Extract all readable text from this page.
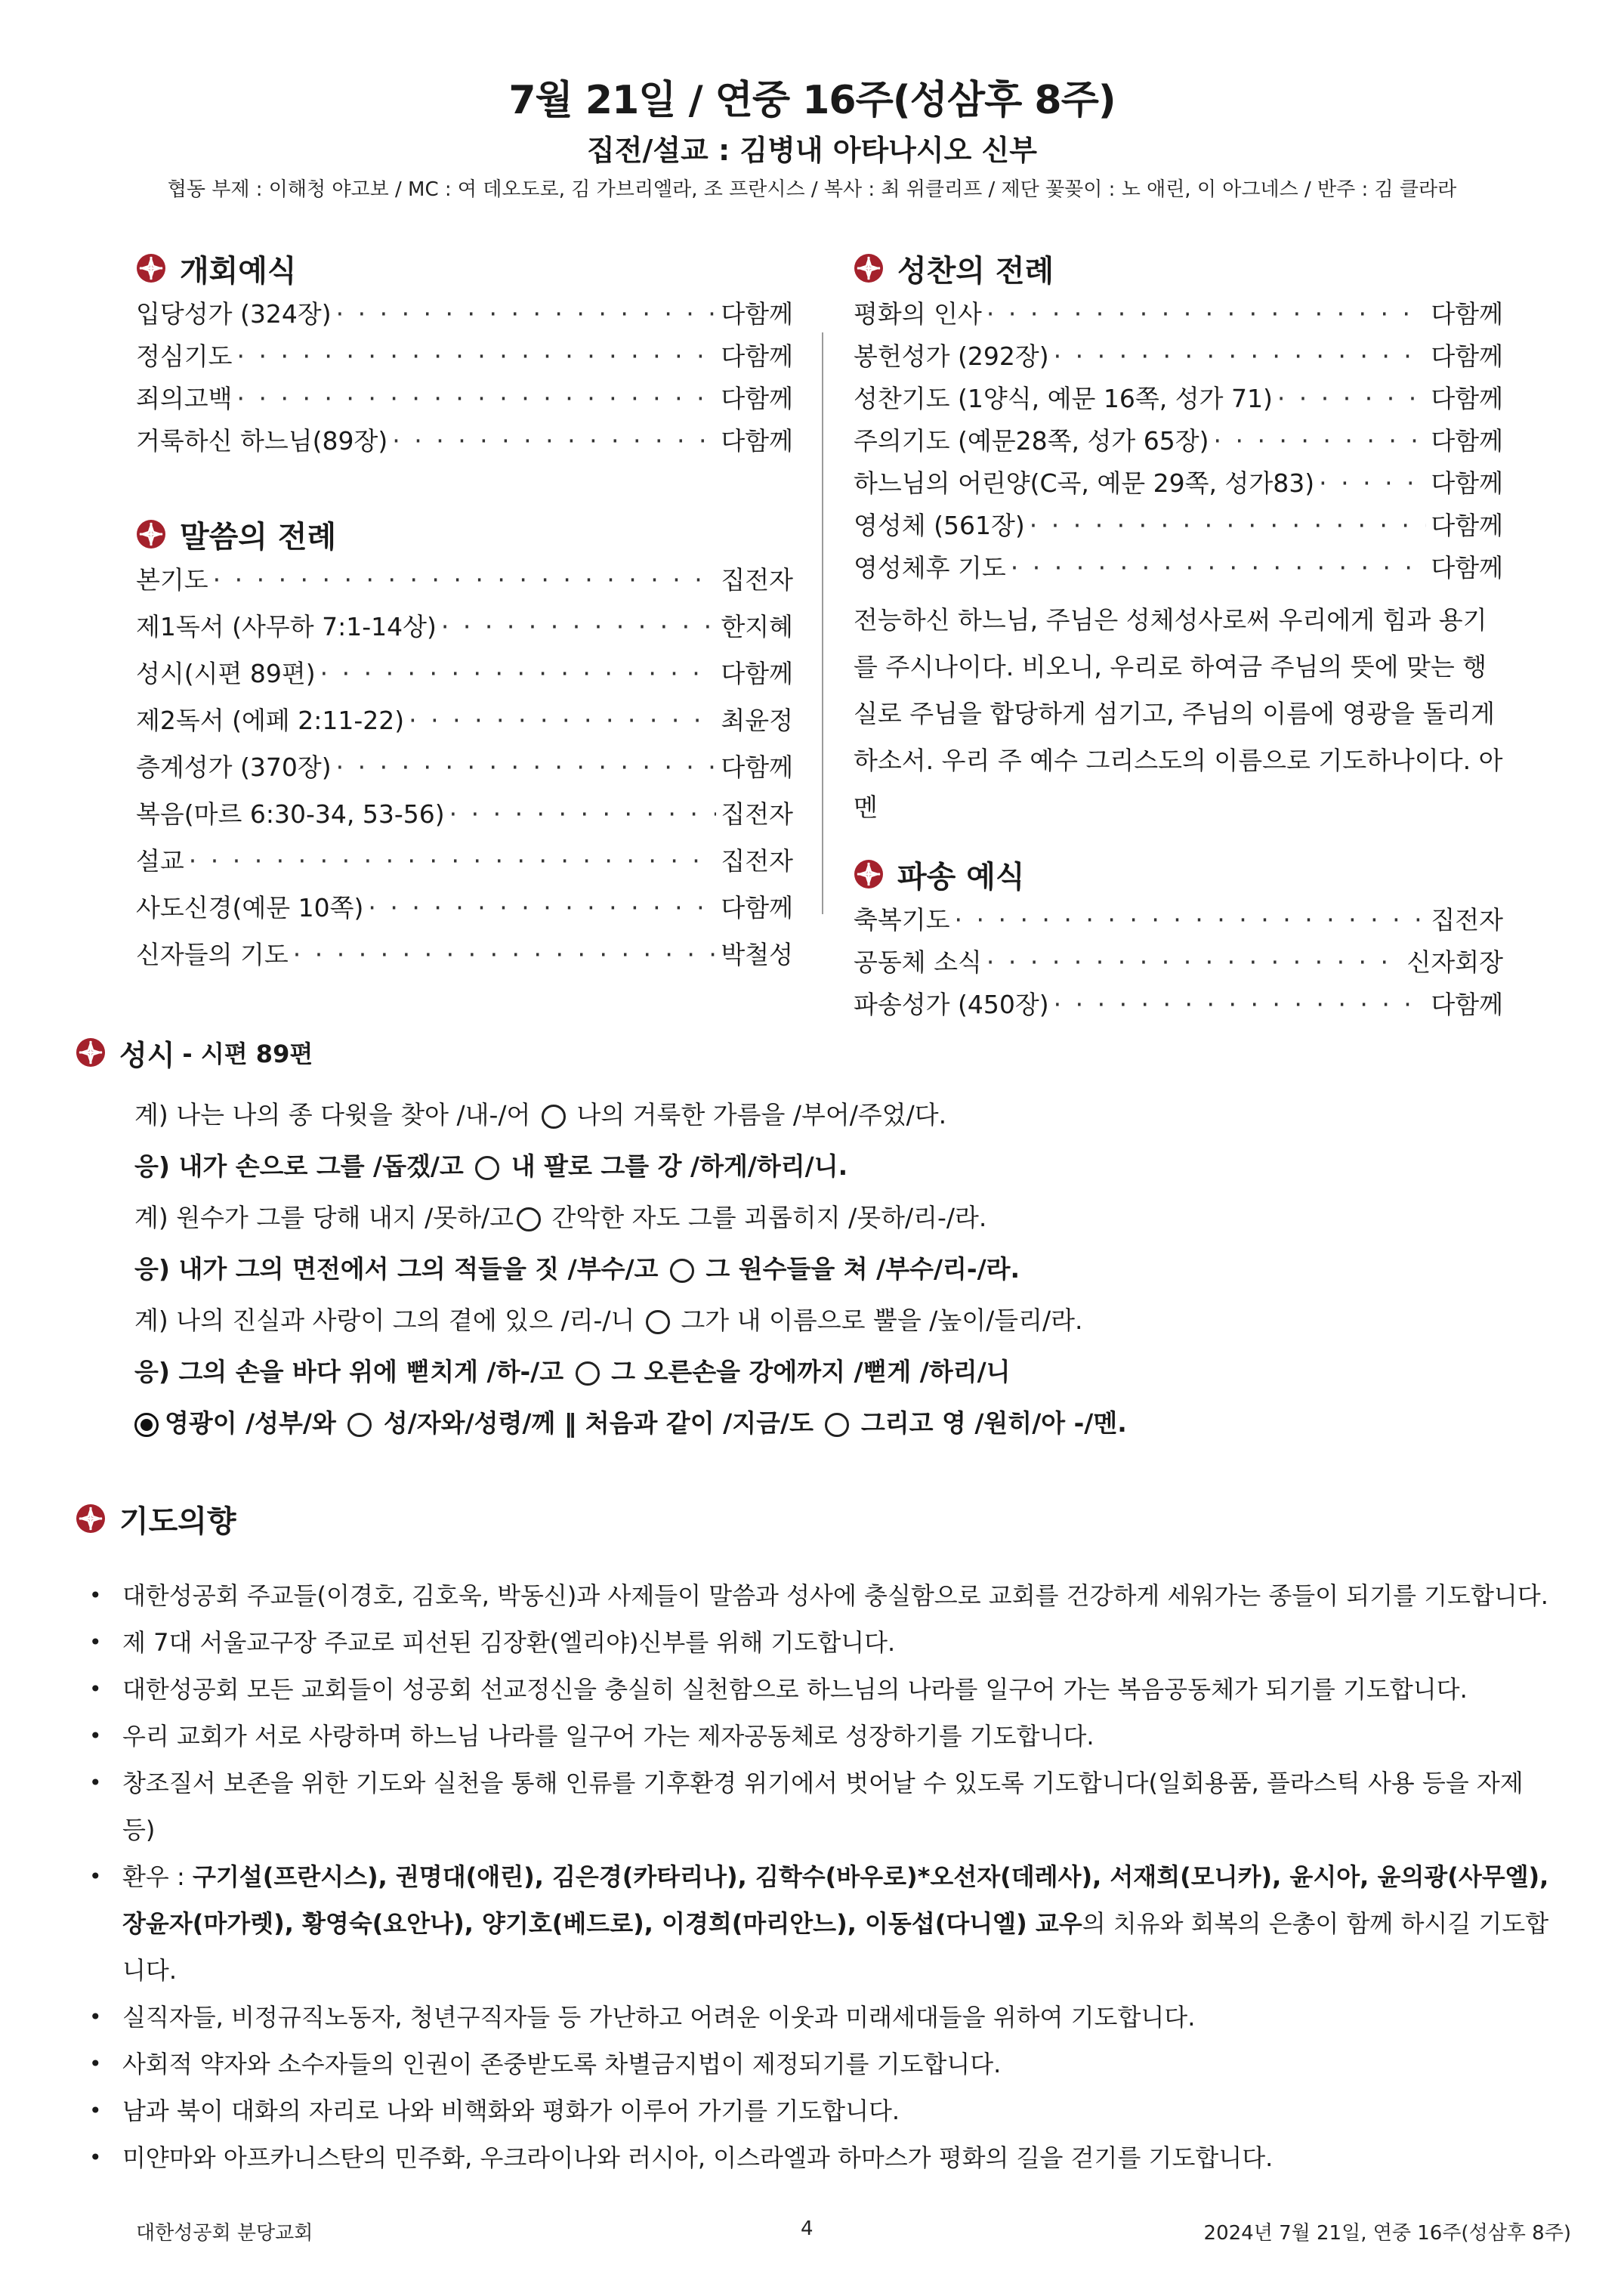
7월 21일 / 연중 16주(성삼후 8주)
집전/설교 : 김병내 아타나시오 신부
협동 부제 : 이해청 야고보 / MC : 여 데오도로, 김 가브리엘라, 조 프란시스 / 복사 : 최 위클리프 / 제단 꽃꽂이 : 노 애린, 이 아그네스 / 반주 : 김 클라라
개회예식
입당성가 (324장) · · ·	다함께
정심기도 · · ·	다함께
죄의고백 · · ·	다함께
거룩하신 하느님(89장) · · ·	다함께
말씀의 전례
본기도 · · ·	집전자
제1독서 (사무하 7:1-14상) · · ·	한지혜
성시(시편 89편) · · ·	다함께
제2독서 (에페 2:11-22) · · ·	최윤정
층계성가 (370장) · · ·	다함께
복음(마르 6:30-34, 53-56) · · ·	집전자
설교 · · ·	집전자
사도신경(예문 10쪽) · · ·	다함께
신자들의 기도 · · ·	박철성
성찬의 전례
평화의 인사 · · ·	다함께
봉헌성가 (292장) · · ·	다함께
성찬기도 (1양식, 예문 16쪽, 성가 71) · · ·	다함께
주의기도 (예문28쪽, 성가 65장) · · ·	다함께
하느님의 어린양(C곡, 예문 29쪽, 성가83) · · ·	다함께
영성체 (561장) · · ·	다함께
영성체후 기도 · · ·	다함께
전능하신 하느님, 주님은 성체성사로써 우리에게 힘과 용기를 주시나이다. 비오니, 우리로 하여금 주님의 뜻에 맞는 행실로 주님을 합당하게 섬기고, 주님의 이름에 영광을 돌리게 하소서. 우리 주 예수 그리스도의 이름으로 기도하나이다. 아멘
파송 예식
축복기도 · · ·	집전자
공동체 소식 · · ·	신자회장
파송성가 (450장) · · ·	다함께
성시 - 시편 89편
계) 나는 나의 종 다윗을 찾아 /내-/어 ○ 나의 거룩한 가름을 /부어/주었/다.
응) 내가 손으로 그를 /돕겠/고 ○ 내 팔로 그를 강 /하게/하리/니.
계) 원수가 그를 당해 내지 /못하/고 ○ 간악한 자도 그를 괴롭히지 /못하/리-/라.
응) 내가 그의 면전에서 그의 적들을 짓 /부수/고 ○ 그 원수들을 쳐 /부수/리-/라.
계) 나의 진실과 사랑이 그의 곁에 있으 /리-/니 ○ 그가 내 이름으로 뿔을 /높이/들리/라.
응) 그의 손을 바다 위에 뻗치게 /하-/고 ○ 그 오른손을 강에까지 /뻗게 /하리/니
영광이 /성부/와 ○ 성/자와/성령/께 ‖ 처음과 같이 /지금/도 ○ 그리고 영 /원히/아 -/멘.
기도의향
• 대한성공회 주교들(이경호, 김호욱, 박동신)과 사제들이 말씀과 성사에 충실함으로 교회를 건강하게 세워가는 종들이 되기를 기도합니다.
• 제 7대 서울교구장 주교로 피선된 김장환(엘리야)신부를 위해 기도합니다.
• 대한성공회 모든 교회들이 성공회 선교정신을 충실히 실천함으로 하느님의 나라를 일구어 가는 복음공동체가 되기를 기도합니다.
• 우리 교회가 서로 사랑하며 하느님 나라를 일구어 가는 제자공동체로 성장하기를 기도합니다.
• 창조질서 보존을 위한 기도와 실천을 통해 인류를 기후환경 위기에서 벗어날 수 있도록 기도합니다(일회용품, 플라스틱 사용 등을 자제 등)
• 환우 : 구기설(프란시스), 권명대(애린), 김은경(카타리나), 김학수(바우로)*오선자(데레사), 서재희(모니카), 윤시아, 윤의광(사무엘), 장윤자(마가렛), 황영숙(요안나), 양기호(베드로), 이경희(마리안느), 이동섭(다니엘) 교우의 치유와 회복의 은총이 함께 하시길 기도합니다.
• 실직자들, 비정규직노동자, 청년구직자들 등 가난하고 어려운 이웃과 미래세대들을 위하여 기도합니다.
• 사회적 약자와 소수자들의 인권이 존중받도록 차별금지법이 제정되기를 기도합니다.
• 남과 북이 대화의 자리로 나와 비핵화와 평화가 이루어 가기를 기도합니다.
• 미얀마와 아프카니스탄의 민주화, 우크라이나와 러시아, 이스라엘과 하마스가 평화의 길을 걷기를 기도합니다.
대한성공회 분당교회	4	2024년 7월 21일, 연중 16주(성삼후 8주)
